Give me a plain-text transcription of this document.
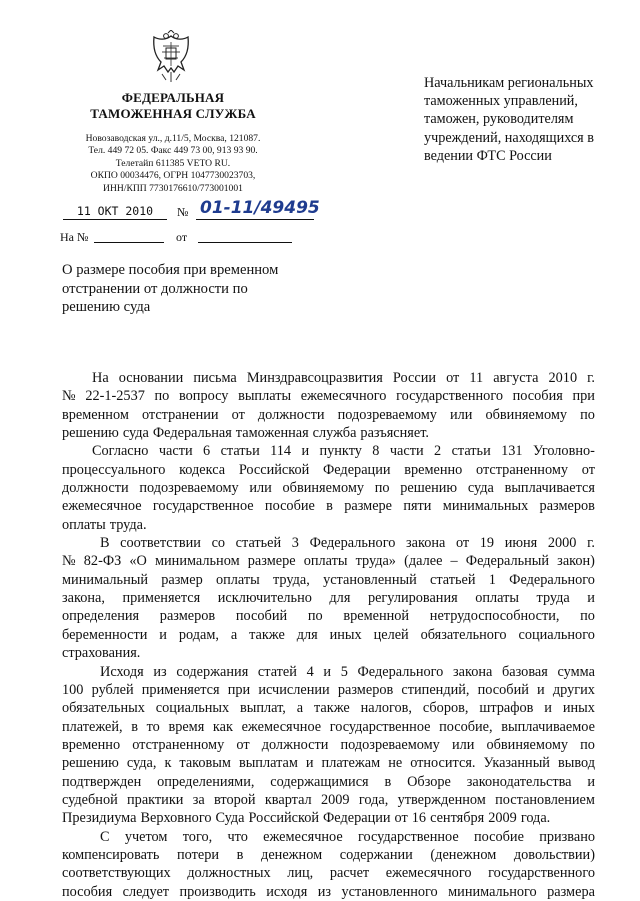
ФЕДЕРАЛЬНАЯ
ТАМОЖЕННАЯ СЛУЖБА
Новозаводская ул., д.11/5, Москва, 121087.
Тел. 449 72 05. Факс 449 73 00, 913 93 90.
Телетайп 611385 VETO RU.
ОКПО 00034476, ОГРН 1047730023703,
ИНН/КПП 7730176610/773001001
11 ОКТ 2010	№ 01-11/49495
На №	от
О размере пособия при временном
отстранении от должности по
решению суда
Начальникам региональных
таможенных управлений,
таможен, руководителям
учреждений, находящихся в
ведении ФТС России
На основании письма Минздравсоцразвития России от 11 августа 2010 г.
№ 22-1-2537 по вопросу выплаты ежемесячного государственного пособия при
временном отстранении от должности подозреваемому или обвиняемому по
решению суда Федеральная таможенная служба разъясняет.
Согласно части 6 статьи 114 и пункту 8 части 2 статьи 131 Уголовно-
процессуального кодекса Российской Федерации временно отстраненному от
должности подозреваемому или обвиняемому по решению суда выплачивается
ежемесячное государственное пособие в размере пяти минимальных размеров
оплаты труда.
В соответствии со статьей 3 Федерального закона от 19 июня 2000 г.
№ 82-ФЗ «О минимальном размере оплаты труда» (далее – Федеральный закон)
минимальный размер оплаты труда, установленный статьей 1 Федерального
закона, применяется исключительно для регулирования оплаты труда и
определения размеров пособий по временной нетрудоспособности, по
беременности и родам, а также для иных целей обязательного социального
страхования.
Исходя из содержания статей 4 и 5 Федерального закона базовая сумма
100 рублей применяется при исчислении размеров стипендий, пособий и других
обязательных социальных выплат, а также налогов, сборов, штрафов и иных
платежей, в то время как ежемесячное государственное пособие, выплачиваемое
временно отстраненному от должности подозреваемому или обвиняемому по
решению суда, к таковым выплатам и платежам не относится. Указанный вывод
подтвержден определениями, содержащимися в Обзоре законодательства и
судебной практики за второй квартал 2009 года, утвержденном постановлением
Президиума Верховного Суда Российской Федерации от 16 сентября 2009 года.
С учетом того, что ежемесячное государственное пособие призвано
компенсировать потери в денежном содержании (денежном довольствии)
соответствующих должностных лиц, расчет ежемесячного государственного
пособия следует производить исходя из установленного минимального размера
